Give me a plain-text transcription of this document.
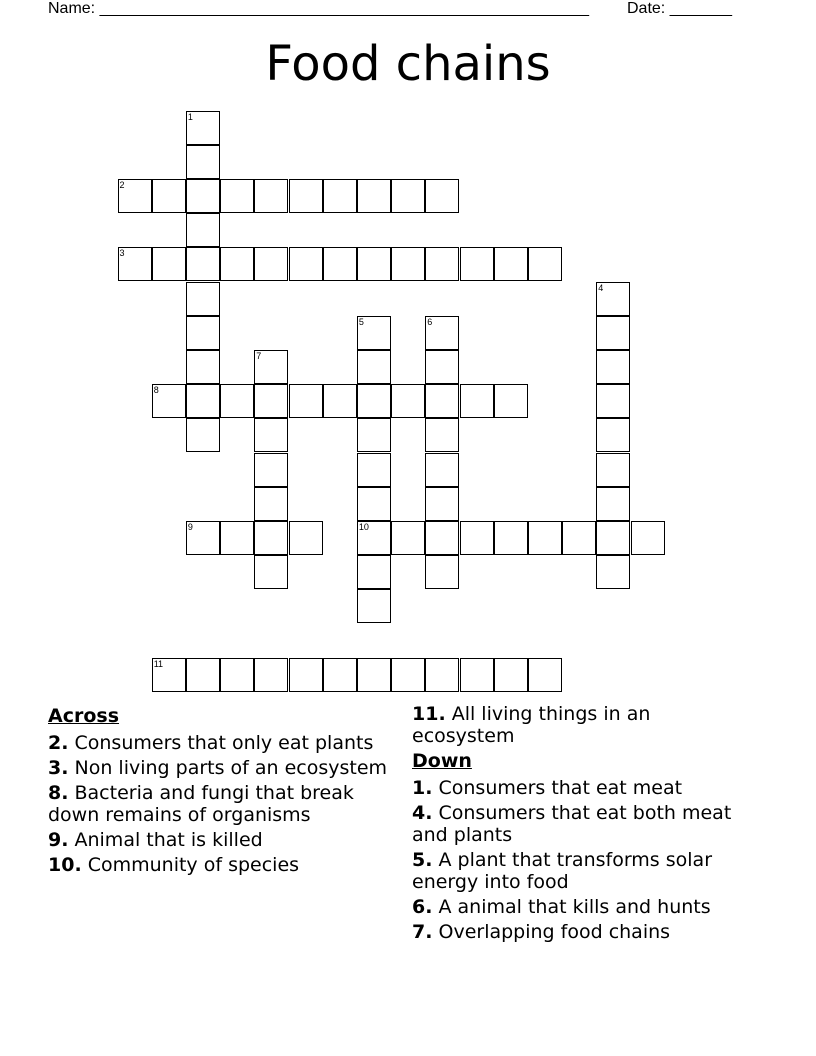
Name: _______________________________________________________ Date: _______
Food chains
1
2
3
4
5
10
6
7
8
9
11
Across
2. Consumers that only eat plants
3. Non living parts of an ecosystem
8. Bacteria and fungi that break down remains of organisms
9. Animal that is killed
10. Community of species
11. All living things in an ecosystem
Down
1. Consumers that eat meat
4. Consumers that eat both meat and plants
5. A plant that transforms solar energy into food
6. A animal that kills and hunts
7. Overlapping food chains
